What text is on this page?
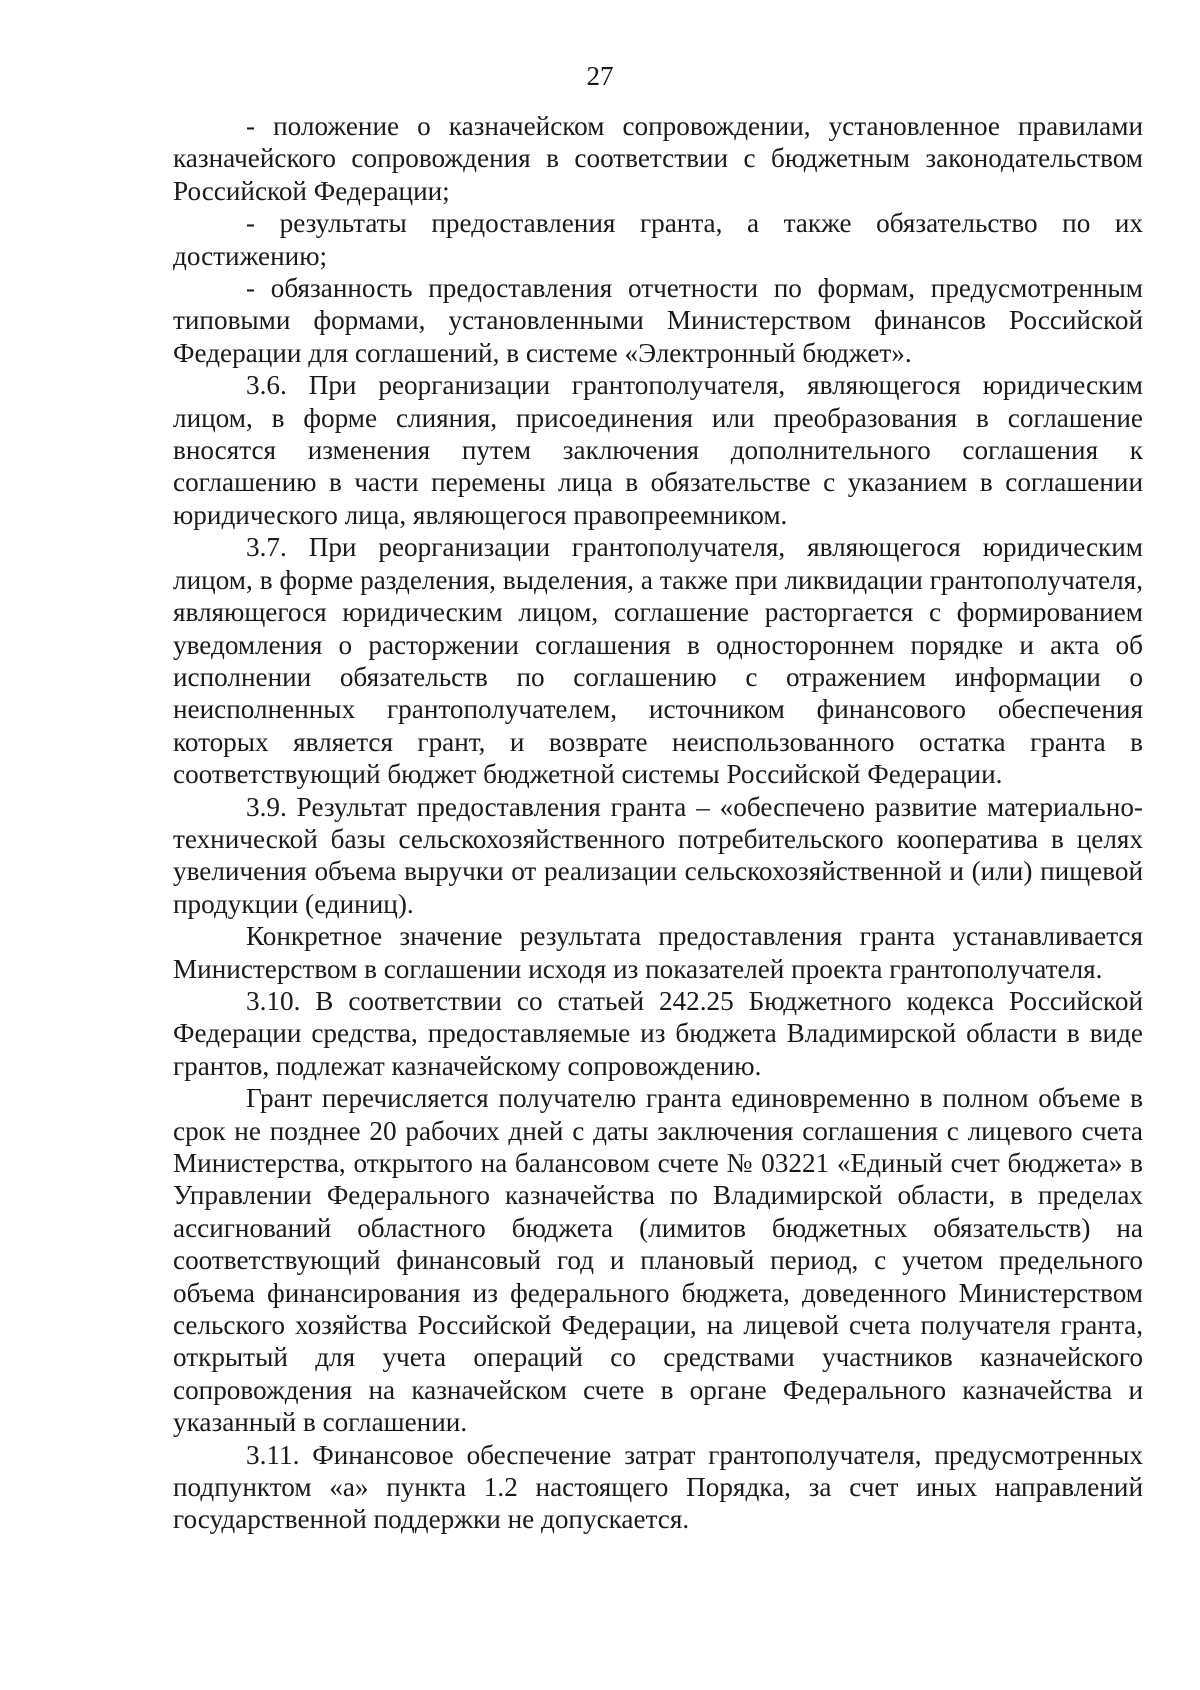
27

- положение о казначейском сопровождении, установленное правилами казначейского сопровождения в соответствии с бюджетным законодательством Российской Федерации;

- результаты предоставления гранта, а также обязательство по их достижению;

- обязанность предоставления отчетности по формам, предусмотренным типовыми формами, установленными Министерством финансов Российской Федерации для соглашений, в системе «Электронный бюджет».

3.6. При реорганизации грантополучателя, являющегося юридическим лицом, в форме слияния, присоединения или преобразования в соглашение вносятся изменения путем заключения дополнительного соглашения к соглашению в части перемены лица в обязательстве с указанием в соглашении юридического лица, являющегося правопреемником.

3.7. При реорганизации грантополучателя, являющегося юридическим лицом, в форме разделения, выделения, а также при ликвидации грантополучателя, являющегося юридическим лицом, соглашение расторгается с формированием уведомления о расторжении соглашения в одностороннем порядке и акта об исполнении обязательств по соглашению с отражением информации о неисполненных грантополучателем, источником финансового обеспечения которых является грант, и возврате неиспользованного остатка гранта в соответствующий бюджет бюджетной системы Российской Федерации.

3.9. Результат предоставления гранта – «обеспечено развитие материально-технической базы сельскохозяйственного потребительского кооператива в целях увеличения объема выручки от реализации сельскохозяйственной и (или) пищевой продукции (единиц).

Конкретное значение результата предоставления гранта устанавливается Министерством в соглашении исходя из показателей проекта грантополучателя.

3.10. В соответствии со статьей 242.25 Бюджетного кодекса Российской Федерации средства, предоставляемые из бюджета Владимирской области в виде грантов, подлежат казначейскому сопровождению.

Грант перечисляется получателю гранта единовременно в полном объеме в срок не позднее 20 рабочих дней с даты заключения соглашения с лицевого счета Министерства, открытого на балансовом счете № 03221 «Единый счет бюджета» в Управлении Федерального казначейства по Владимирской области, в пределах ассигнований областного бюджета (лимитов бюджетных обязательств) на соответствующий финансовый год и плановый период, с учетом предельного объема финансирования из федерального бюджета, доведенного Министерством сельского хозяйства Российской Федерации, на лицевой счета получателя гранта, открытый для учета операций со средствами участников казначейского сопровождения на казначейском счете в органе Федерального казначейства и указанный в соглашении.

3.11. Финансовое обеспечение затрат грантополучателя, предусмотренных подпунктом «а» пункта 1.2 настоящего Порядка, за счет иных направлений государственной поддержки не допускается.
